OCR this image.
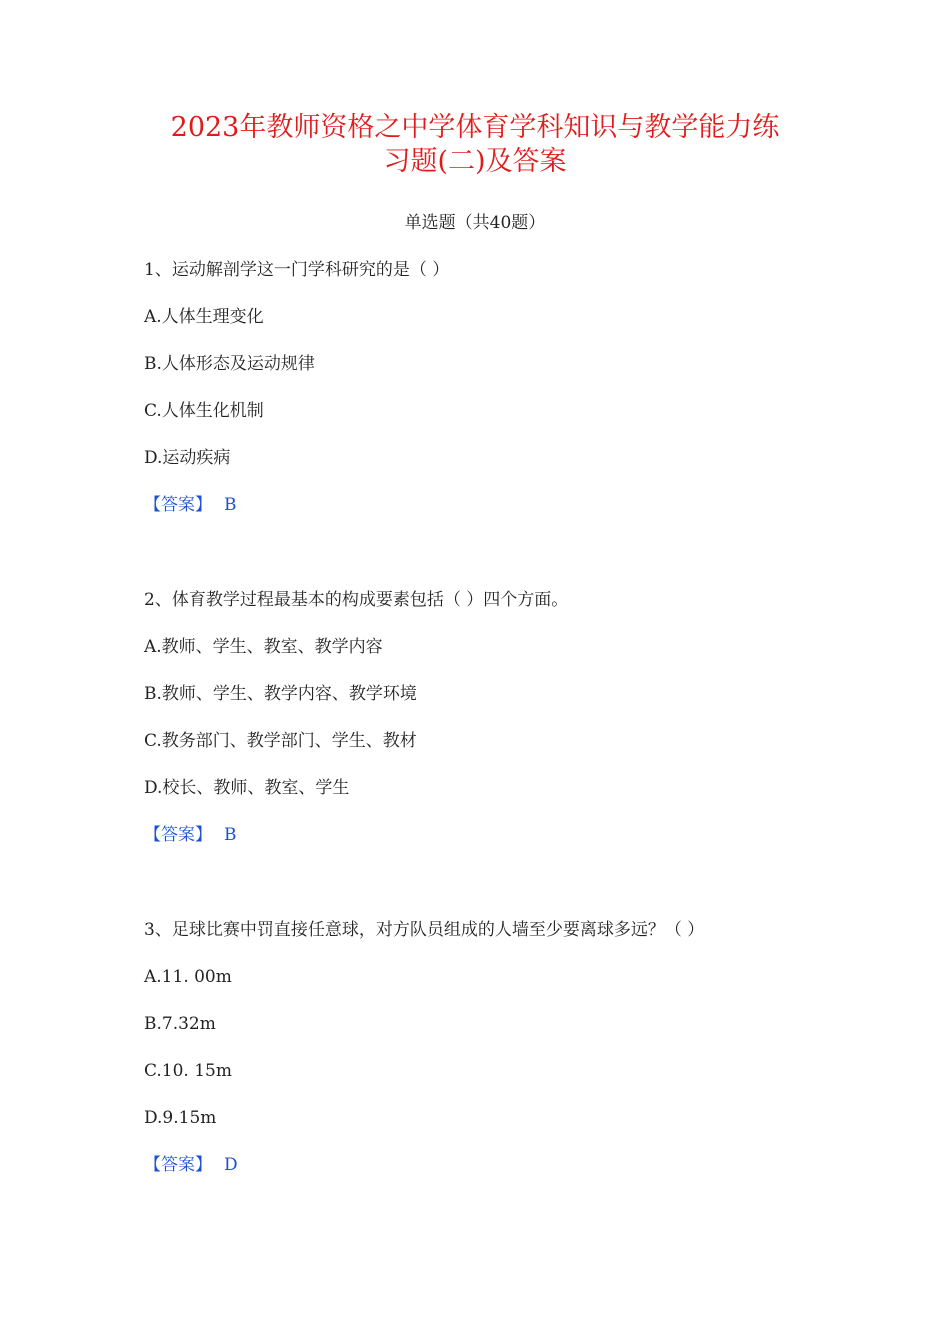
2023年教师资格之中学体育学科知识与教学能力练
习题(二)及答案
单选题（共40题）
1、运动解剖学这一门学科研究的是（ ）
A.人体生理变化
B.人体形态及运动规律
C.人体生化机制
D.运动疾病
【答案】 B
2、体育教学过程最基本的构成要素包括（ ）四个方面。
A.教师、学生、教室、教学内容
B.教师、学生、教学内容、教学环境
C.教务部门、教学部门、学生、教材
D.校长、教师、教室、学生
【答案】 B
3、足球比赛中罚直接任意球，对方队员组成的人墙至少要离球多远？（ ）
A.11. 00m
B.7.32m
C.10. 15m
D.9.15m
【答案】 D
